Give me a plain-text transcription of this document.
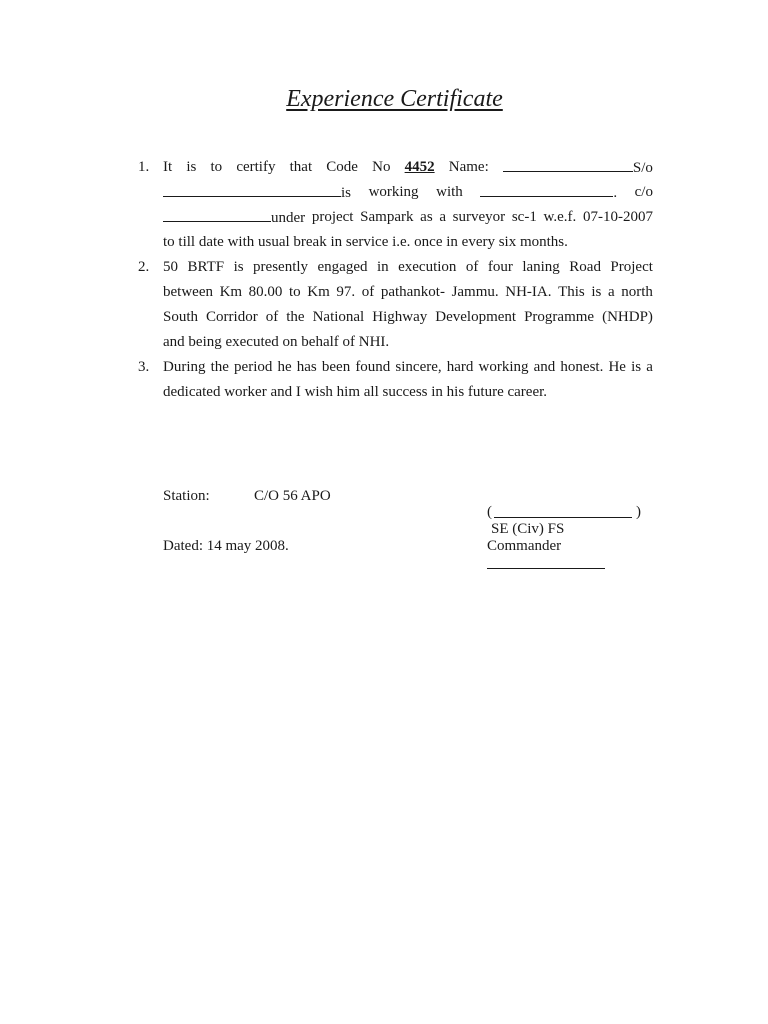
Experience Certificate
1. It is to certify that Code No 4452 Name:	S/o
is working with	. c/o
under project Sampark as a surveyor sc-1 w.e.f. 07-10-2007
to till date with usual break in service i.e. once in every six months.
2. 50 BRTF is presently engaged in execution of four laning Road Project
between Km 80.00 to Km 97. of pathankot- Jammu. NH-IA. This is a north
South Corridor of the National Highway Development Programme (NHDP)
and being executed on behalf of NHI.
3. During the period he has been found sincere, hard working and honest. He is a
dedicated worker and I wish him all success in his future career.
Station:	C/O 56 APO
Dated: 14 may 2008.
(	)
SE (Civ) FS
Commander
